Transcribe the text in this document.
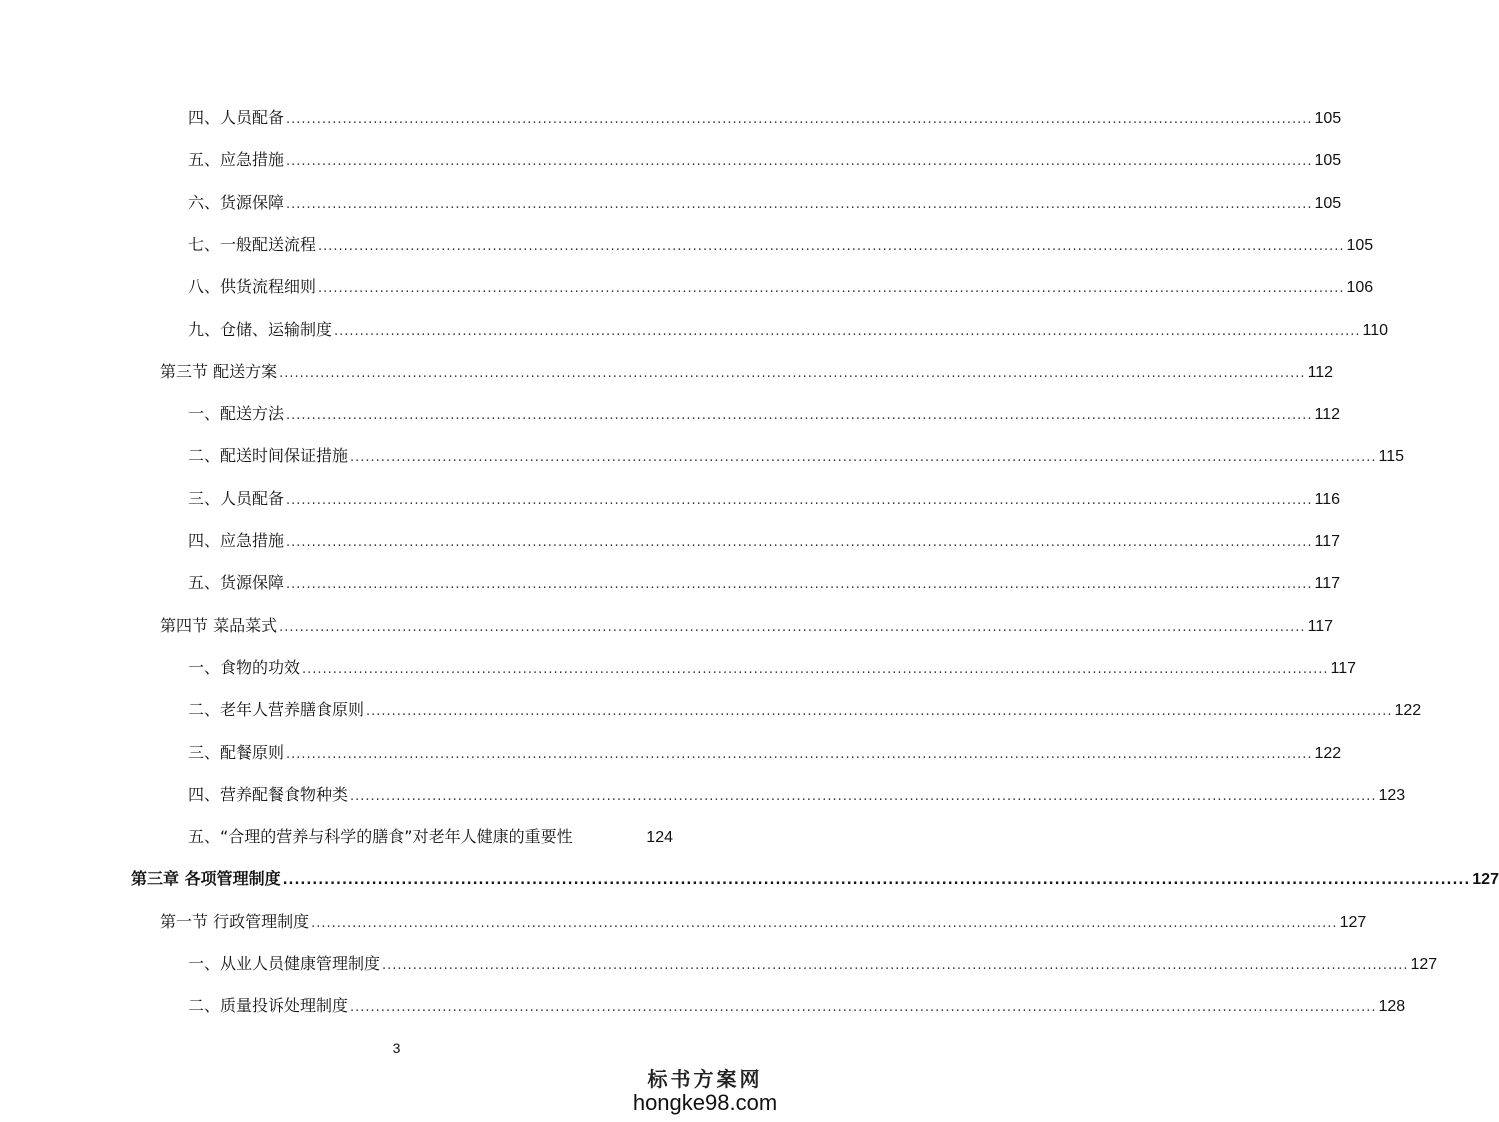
四、人员配备 ........................................................................................................................................................................................................ 105
五、应急措施 ........................................................................................................................................................................................................ 105
六、货源保障 ........................................................................................................................................................................................................ 105
七、一般配送流程 ........................................................................................................................................................................................................ 105
八、供货流程细则 ........................................................................................................................................................................................................ 106
九、仓储、运输制度 ........................................................................................................................................................................................................ 110
第三节 配送方案 ........................................................................................................................................................................................................ 112
一、配送方法 ........................................................................................................................................................................................................ 112
二、配送时间保证措施 ........................................................................................................................................................................................................ 115
三、人员配备 ........................................................................................................................................................................................................ 116
四、应急措施 ........................................................................................................................................................................................................ 117
五、货源保障 ........................................................................................................................................................................................................ 117
第四节 菜品菜式 ........................................................................................................................................................................................................ 117
一、食物的功效 ........................................................................................................................................................................................................ 117
二、老年人营养膳食原则 ........................................................................................................................................................................................................ 122
三、配餐原则 ........................................................................................................................................................................................................ 122
四、营养配餐食物种类 ........................................................................................................................................................................................................ 123
五、“合理的营养与科学的膳食”对老年人健康的重要性	124
第三章 各项管理制度 ........................................................................................................................................................................................................ 127
第一节 行政管理制度 ........................................................................................................................................................................................................ 127
一、从业人员健康管理制度 ........................................................................................................................................................................................................ 127
二、质量投诉处理制度 ........................................................................................................................................................................................................ 128
3
标书方案网
hongke98.com
